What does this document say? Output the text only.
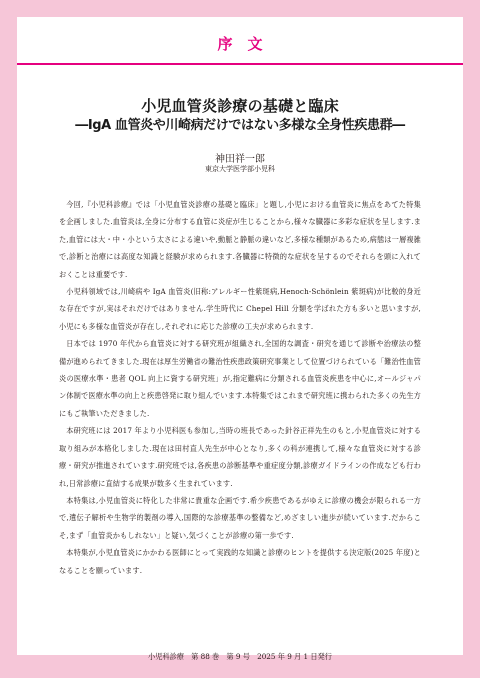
序　文
小児血管炎診療の基礎と臨床
―IgA 血管炎や川崎病だけではない多様な全身性疾患群―
神田祥一郎
東京大学医学部小児科

今回,『小児科診療』では「小児血管炎診療の基礎と臨床」と題し,小児における血管炎に焦点をあてた特集を企画しました.血管炎は,全身に分布する血管に炎症が生じることから,様々な臓器に多彩な症状を呈します.また,血管には大・中・小という太さによる違いや,動脈と静脈の違いなど,多様な種類があるため,病態は一層複雑で,診断と治療には高度な知識と経験が求められます.各臓器に特徴的な症状を呈するのでそれらを頭に入れておくことは重要です.

小児科領域では,川崎病や IgA 血管炎(旧称:アレルギー性紫斑病,Henoch-Schönlein 紫斑病)が比較的身近な存在ですが,実はそれだけではありません.学生時代に Chepel Hill 分類を学ばれた方も多いと思いますが,小児にも多様な血管炎が存在し,それぞれに応じた診療の工夫が求められます.

日本では 1970 年代から血管炎に対する研究班が組織され,全国的な調査・研究を通じて診断や治療法の整備が進められてきました.現在は厚生労働省の難治性疾患政策研究事業として位置づけられている「難治性血管炎の医療水準・患者 QOL 向上に資する研究班」が,指定難病に分類される血管炎疾患を中心に,オールジャパン体制で医療水準の向上と疾患啓発に取り組んでいます.本特集ではこれまで研究班に携わられた多くの先生方にもご執筆いただきました.

本研究班には 2017 年より小児科医も参加し,当時の班長であった針谷正祥先生のもと,小児血管炎に対する取り組みが本格化しました.現在は田村直人先生が中心となり,多くの科が連携して,様々な血管炎に対する診療・研究が推進されています.研究班では,各疾患の診断基準や重症度分類,診療ガイドラインの作成なども行われ,日常診療に直結する成果が数多く生まれています.

本特集は,小児血管炎に特化した非常に貴重な企画です.希少疾患であるがゆえに診療の機会が限られる一方で,遺伝子解析や生物学的製剤の導入,国際的な診療基準の整備など,めざましい進歩が続いています.だからこそ,まず「血管炎かもしれない」と疑い,気づくことが診療の第一歩です.

本特集が,小児血管炎にかかわる医師にとって実践的な知識と診療のヒントを提供する決定版(2025 年度)となることを願っています.

小児科診療　第 88 巻　第 9 号　2025 年 9 月 1 日発行
